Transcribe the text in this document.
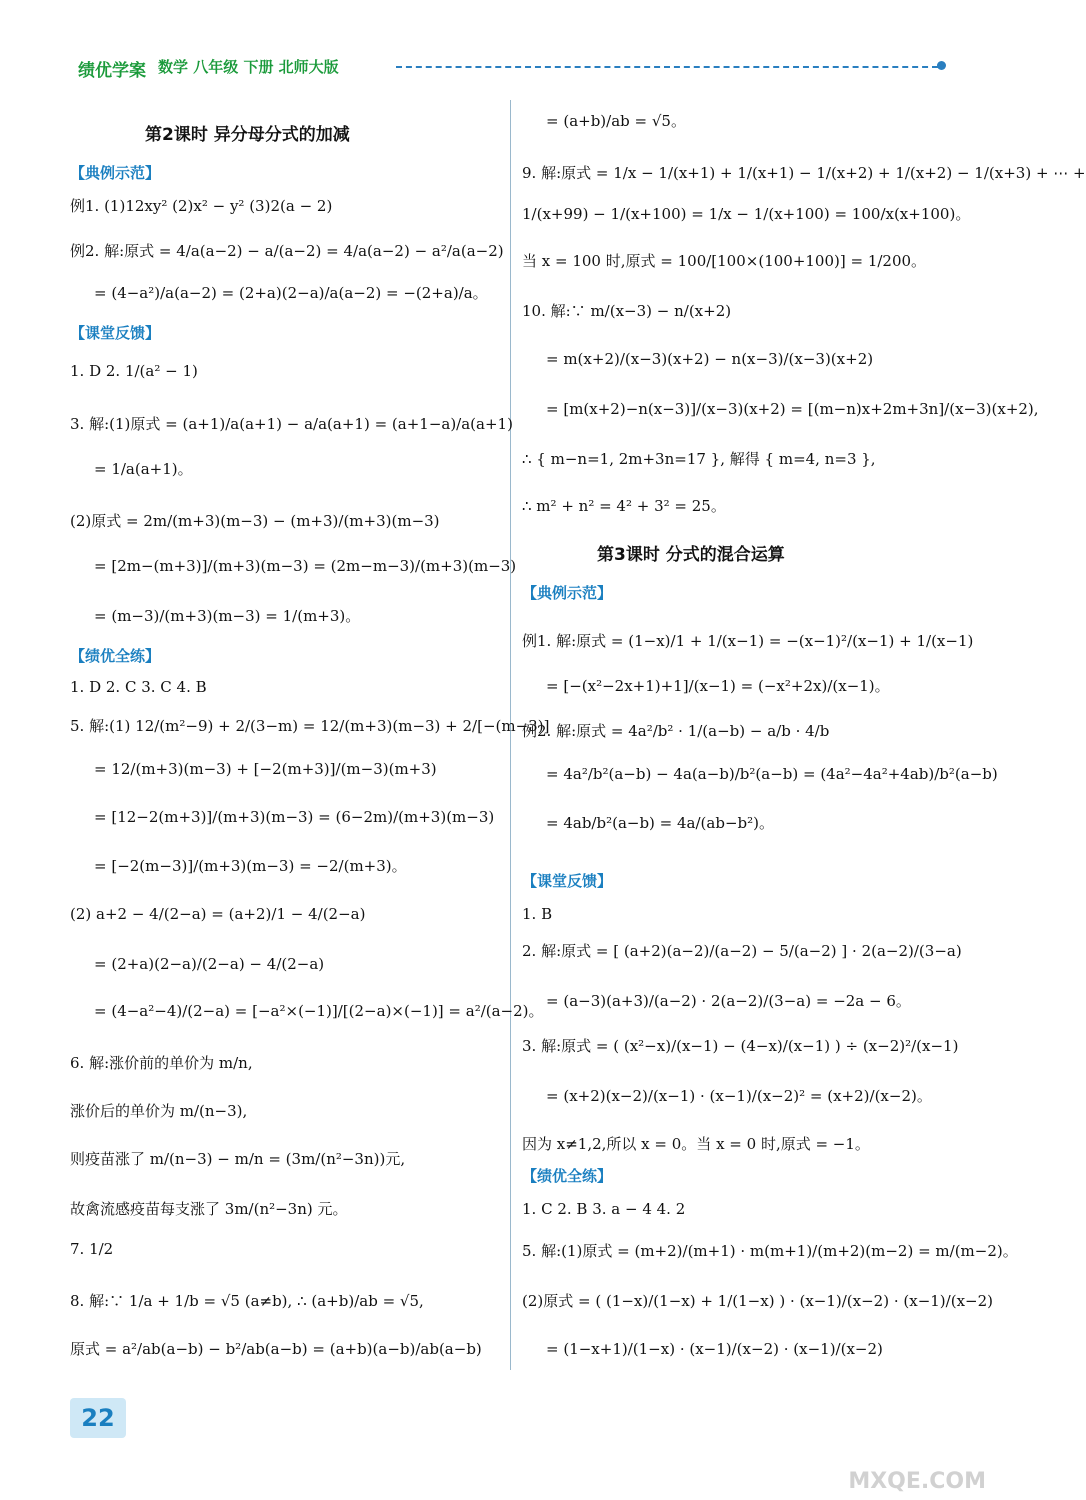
绩优学案 数学 八年级 下册 北师大版
第2课时 异分母分式的加减
【典例示范】
例1. (1)12xy² (2)x² − y² (3)2(a − 2)
例2. 解:原式 = 4/a(a−2) − a/(a−2) = 4/a(a−2) − a²/a(a−2)
= (4−a²)/a(a−2) = (2+a)(2−a)/a(a−2) = −(2+a)/a。
【课堂反馈】
1. D 2. 1/(a² − 1)
3. 解:(1)原式 = (a+1)/a(a+1) − a/a(a+1) = (a+1−a)/a(a+1)
= 1/a(a+1)。
(2)原式 = 2m/(m+3)(m−3) − (m+3)/(m+3)(m−3)
= [2m−(m+3)]/(m+3)(m−3) = (2m−m−3)/(m+3)(m−3)
= (m−3)/(m+3)(m−3) = 1/(m+3)。
【绩优全练】
1. D 2. C 3. C 4. B
5. 解:(1) 12/(m²−9) + 2/(3−m) = 12/(m+3)(m−3) + 2/[−(m−3)]
= 12/(m+3)(m−3) + [−2(m+3)]/(m−3)(m+3)
= [12−2(m+3)]/(m+3)(m−3) = (6−2m)/(m+3)(m−3)
= [−2(m−3)]/(m+3)(m−3) = −2/(m+3)。
(2) a+2 − 4/(2−a) = (a+2)/1 − 4/(2−a)
= (2+a)(2−a)/(2−a) − 4/(2−a)
= (4−a²−4)/(2−a) = [−a²×(−1)]/[(2−a)×(−1)] = a²/(a−2)。
6. 解:涨价前的单价为 m/n,
涨价后的单价为 m/(n−3),
则疫苗涨了 m/(n−3) − m/n = (3m/(n²−3n))元,
故禽流感疫苗每支涨了 3m/(n²−3n) 元。
7. 1/2
8. 解:∵ 1/a + 1/b = √5 (a≠b), ∴ (a+b)/ab = √5,
原式 = a²/ab(a−b) − b²/ab(a−b) = (a+b)(a−b)/ab(a−b)
= (a+b)/ab = √5。
9. 解:原式 = 1/x − 1/(x+1) + 1/(x+1) − 1/(x+2) + 1/(x+2) − 1/(x+3) + ⋯ +
1/(x+99) − 1/(x+100) = 1/x − 1/(x+100) = 100/x(x+100)。
当 x = 100 时,原式 = 100/[100×(100+100)] = 1/200。
10. 解:∵ m/(x−3) − n/(x+2)
= m(x+2)/(x−3)(x+2) − n(x−3)/(x−3)(x+2)
= [m(x+2)−n(x−3)]/(x−3)(x+2) = [(m−n)x+2m+3n]/(x−3)(x+2),
∴ { m−n=1, 2m+3n=17 }, 解得 { m=4, n=3 },
∴ m² + n² = 4² + 3² = 25。
第3课时 分式的混合运算
【典例示范】
例1. 解:原式 = (1−x)/1 + 1/(x−1) = −(x−1)²/(x−1) + 1/(x−1)
= [−(x²−2x+1)+1]/(x−1) = (−x²+2x)/(x−1)。
例2. 解:原式 = 4a²/b² · 1/(a−b) − a/b · 4/b
= 4a²/b²(a−b) − 4a(a−b)/b²(a−b) = (4a²−4a²+4ab)/b²(a−b)
= 4ab/b²(a−b) = 4a/(ab−b²)。
【课堂反馈】
1. B
2. 解:原式 = [ (a+2)(a−2)/(a−2) − 5/(a−2) ] · 2(a−2)/(3−a)
= (a−3)(a+3)/(a−2) · 2(a−2)/(3−a) = −2a − 6。
3. 解:原式 = ( (x²−x)/(x−1) − (4−x)/(x−1) ) ÷ (x−2)²/(x−1)
= (x+2)(x−2)/(x−1) · (x−1)/(x−2)² = (x+2)/(x−2)。
因为 x≠1,2,所以 x = 0。当 x = 0 时,原式 = −1。
【绩优全练】
1. C 2. B 3. a − 4 4. 2
5. 解:(1)原式 = (m+2)/(m+1) · m(m+1)/(m+2)(m−2) = m/(m−2)。
(2)原式 = ( (1−x)/(1−x) + 1/(1−x) ) · (x−1)/(x−2) · (x−1)/(x−2)
= (1−x+1)/(1−x) · (x−1)/(x−2) · (x−1)/(x−2)
22
MXQE.COM
